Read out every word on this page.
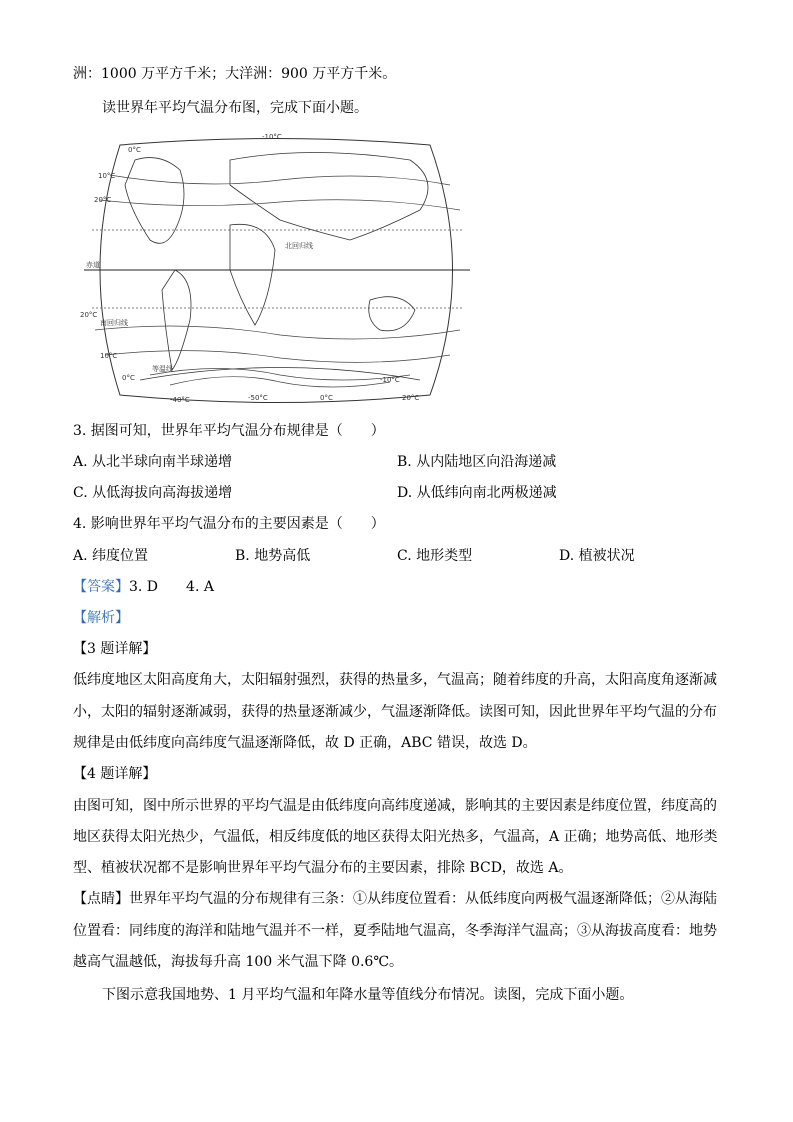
洲：1000 万平方千米；大洋洲：900 万平方千米。
读世界年平均气温分布图，完成下面小题。
-10°C
0°C
10°C
20°C
北回归线
赤道
南回归线
20°C
10°C
0°C	-10°C
-40°C	-50°C	0°C	20°C
等温线
3. 据图可知，世界年平均气温分布规律是（　　）
A. 从北半球向南半球递增	B. 从内陆地区向沿海递减
C. 从低海拔向高海拔递增	D. 从低纬向南北两极递减
4. 影响世界年平均气温分布的主要因素是（　　）
A. 纬度位置	B. 地势高低	C. 地形类型	D. 植被状况
【答案】3. D　　4. A
【解析】
【3 题详解】
低纬度地区太阳高度角大，太阳辐射强烈，获得的热量多，气温高；随着纬度的升高，太阳高度角逐渐减
小，太阳的辐射逐渐减弱，获得的热量逐渐减少，气温逐渐降低。读图可知，因此世界年平均气温的分布
规律是由低纬度向高纬度气温逐渐降低，故 D 正确，ABC 错误，故选 D。
【4 题详解】
由图可知，图中所示世界的平均气温是由低纬度向高纬度递减，影响其的主要因素是纬度位置，纬度高的
地区获得太阳光热少，气温低，相反纬度低的地区获得太阳光热多，气温高，A 正确；地势高低、地形类
型、植被状况都不是影响世界年平均气温分布的主要因素，排除 BCD，故选 A。
【点睛】世界年平均气温的分布规律有三条：①从纬度位置看：从低纬度向两极气温逐渐降低；②从海陆
位置看：同纬度的海洋和陆地气温并不一样，夏季陆地气温高，冬季海洋气温高；③从海拔高度看：地势
越高气温越低，海拔每升高 100 米气温下降 0.6℃。
下图示意我国地势、1 月平均气温和年降水量等值线分布情况。读图，完成下面小题。
